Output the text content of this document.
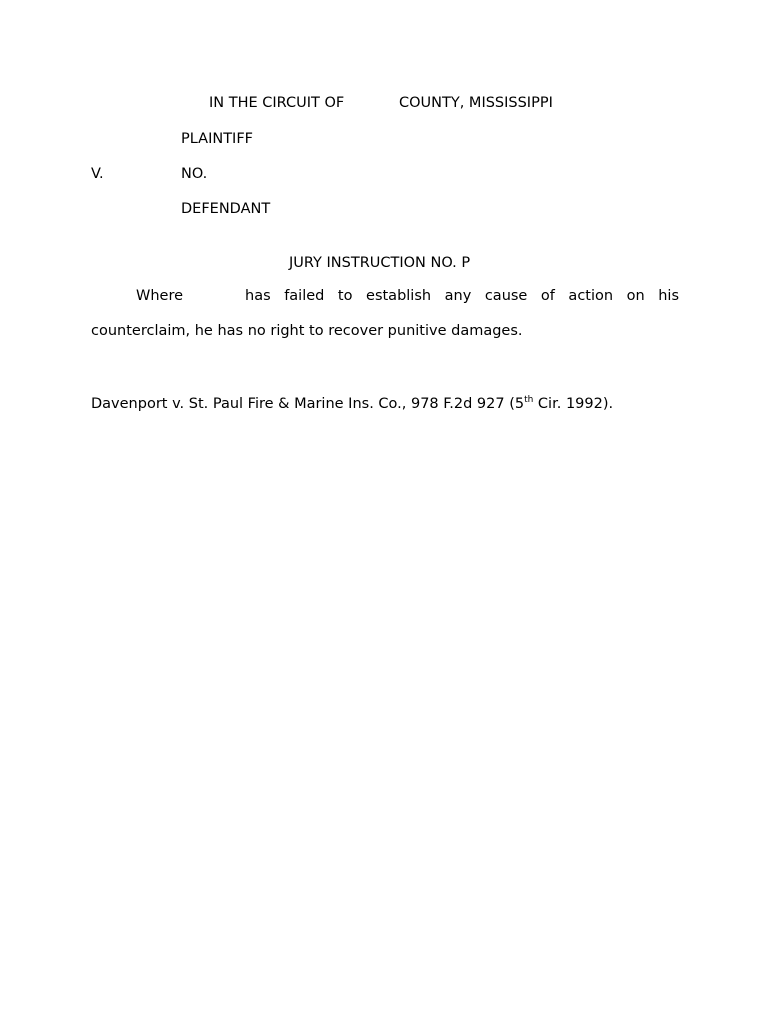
IN THE CIRCUIT OF	COUNTY, MISSISSIPPI
PLAINTIFF
V.	NO.
DEFENDANT
JURY INSTRUCTION NO. P
Where	has failed to establish any cause of action on his counterclaim, he has no right to recover punitive damages.
Davenport v. St. Paul Fire & Marine Ins. Co., 978 F.2d 927 (5th Cir. 1992).
